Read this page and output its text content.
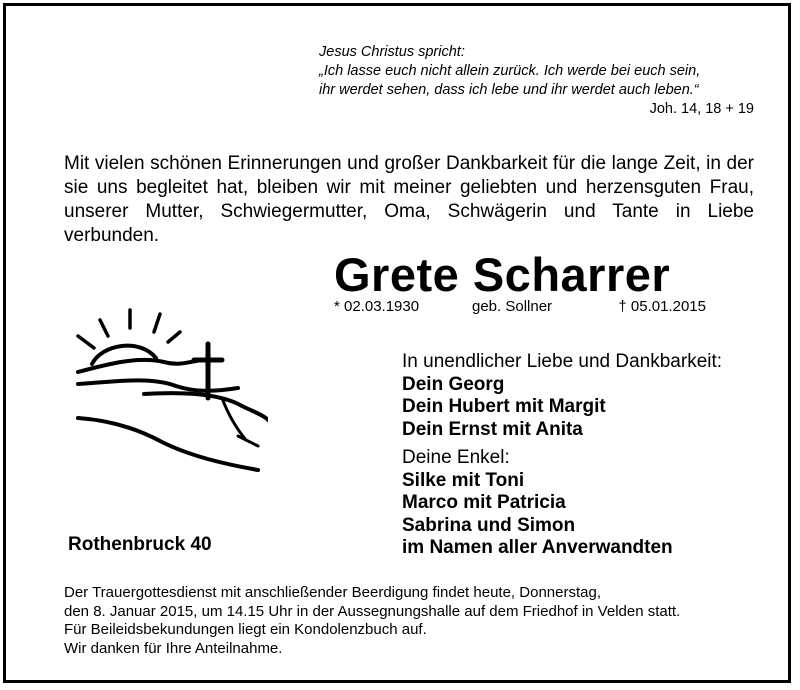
Jesus Christus spricht:
„Ich lasse euch nicht allein zurück. Ich werde bei euch sein,
ihr werdet sehen, dass ich lebe und ihr werdet auch leben.“
Joh. 14, 18 + 19
Mit vielen schönen Erinnerungen und großer Dankbarkeit für die lange Zeit, in der sie uns begleitet hat, bleiben wir mit meiner geliebten und herzensguten Frau, unserer Mutter, Schwiegermutter, Oma, Schwägerin und Tante in Liebe verbunden.
Grete Scharrer
* 02.03.1930	geb. Sollner	† 05.01.2015
In unendlicher Liebe und Dankbarkeit:
Dein Georg
Dein Hubert mit Margit
Dein Ernst mit Anita
Deine Enkel:
Silke mit Toni
Marco mit Patricia
Sabrina und Simon
im Namen aller Anverwandten
Rothenbruck 40
Der Trauergottesdienst mit anschließender Beerdigung findet heute, Donnerstag,
den 8. Januar 2015, um 14.15 Uhr in der Aussegnungshalle auf dem Friedhof in Velden statt.
Für Beileidsbekundungen liegt ein Kondolenzbuch auf.
Wir danken für Ihre Anteilnahme.
